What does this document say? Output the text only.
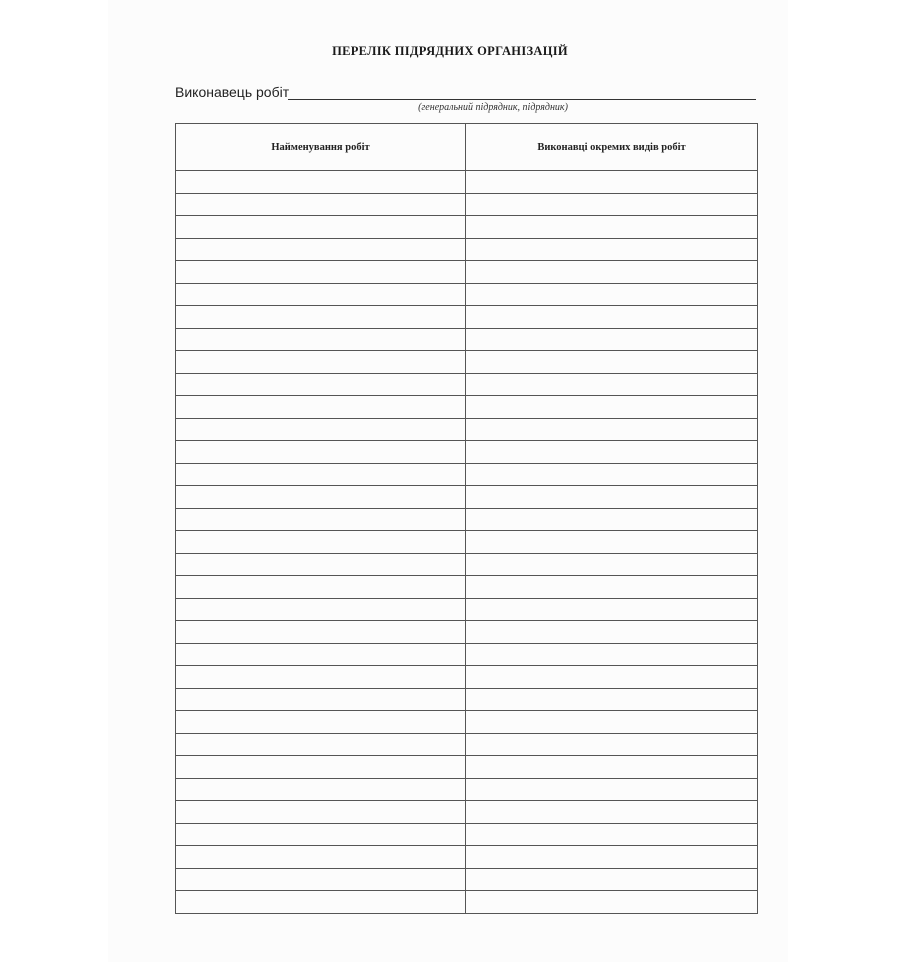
ПЕРЕЛІК ПІДРЯДНИХ ОРГАНІЗАЦІЙ
Виконавець робіт
(генеральний підрядник, підрядник)
Найменування робіт	Виконавці окремих видів робіт
